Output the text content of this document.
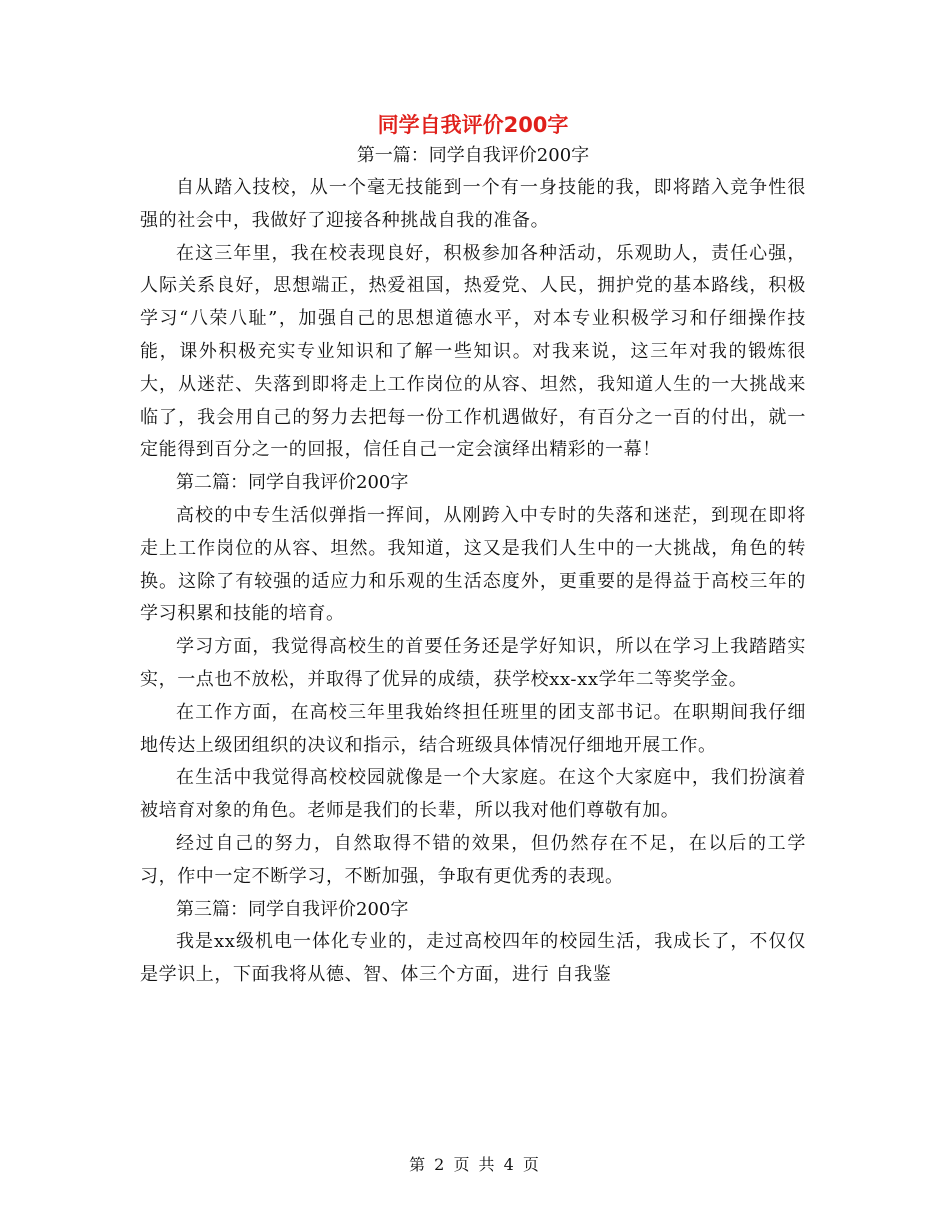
同学自我评价200字

第一篇：同学自我评价200字

自从踏入技校，从一个毫无技能到一个有一身技能的我，即将踏入竞争性很强的社会中，我做好了迎接各种挑战自我的准备。

在这三年里，我在校表现良好，积极参加各种活动，乐观助人，责任心强，人际关系良好，思想端正，热爱祖国，热爱党、人民，拥护党的基本路线，积极学习“八荣八耻”，加强自己的思想道德水平，对本专业积极学习和仔细操作技能，课外积极充实专业知识和了解一些知识。对我来说，这三年对我的锻炼很大，从迷茫、失落到即将走上工作岗位的从容、坦然，我知道人生的一大挑战来临了，我会用自己的努力去把每一份工作机遇做好，有百分之一百的付出，就一定能得到百分之一的回报，信任自己一定会演绎出精彩的一幕！

第二篇：同学自我评价200字

高校的中专生活似弹指一挥间，从刚跨入中专时的失落和迷茫，到现在即将走上工作岗位的从容、坦然。我知道，这又是我们人生中的一大挑战，角色的转换。这除了有较强的适应力和乐观的生活态度外，更重要的是得益于高校三年的学习积累和技能的培育。

学习方面，我觉得高校生的首要任务还是学好知识，所以在学习上我踏踏实实，一点也不放松，并取得了优异的成绩，获学校xx-xx学年二等奖学金。

在工作方面，在高校三年里我始终担任班里的团支部书记。在职期间我仔细地传达上级团组织的决议和指示，结合班级具体情况仔细地开展工作。

在生活中我觉得高校校园就像是一个大家庭。在这个大家庭中，我们扮演着被培育对象的角色。老师是我们的长辈，所以我对他们尊敬有加。

经过自己的努力，自然取得不错的效果，但仍然存在不足，在以后的工学习，作中一定不断学习，不断加强，争取有更优秀的表现。

第三篇：同学自我评价200字

我是xx级机电一体化专业的，走过高校四年的校园生活，我成长了，不仅仅是学识上，下面我将从德、智、体三个方面，进行 自我鉴

第 2 页 共 4 页
